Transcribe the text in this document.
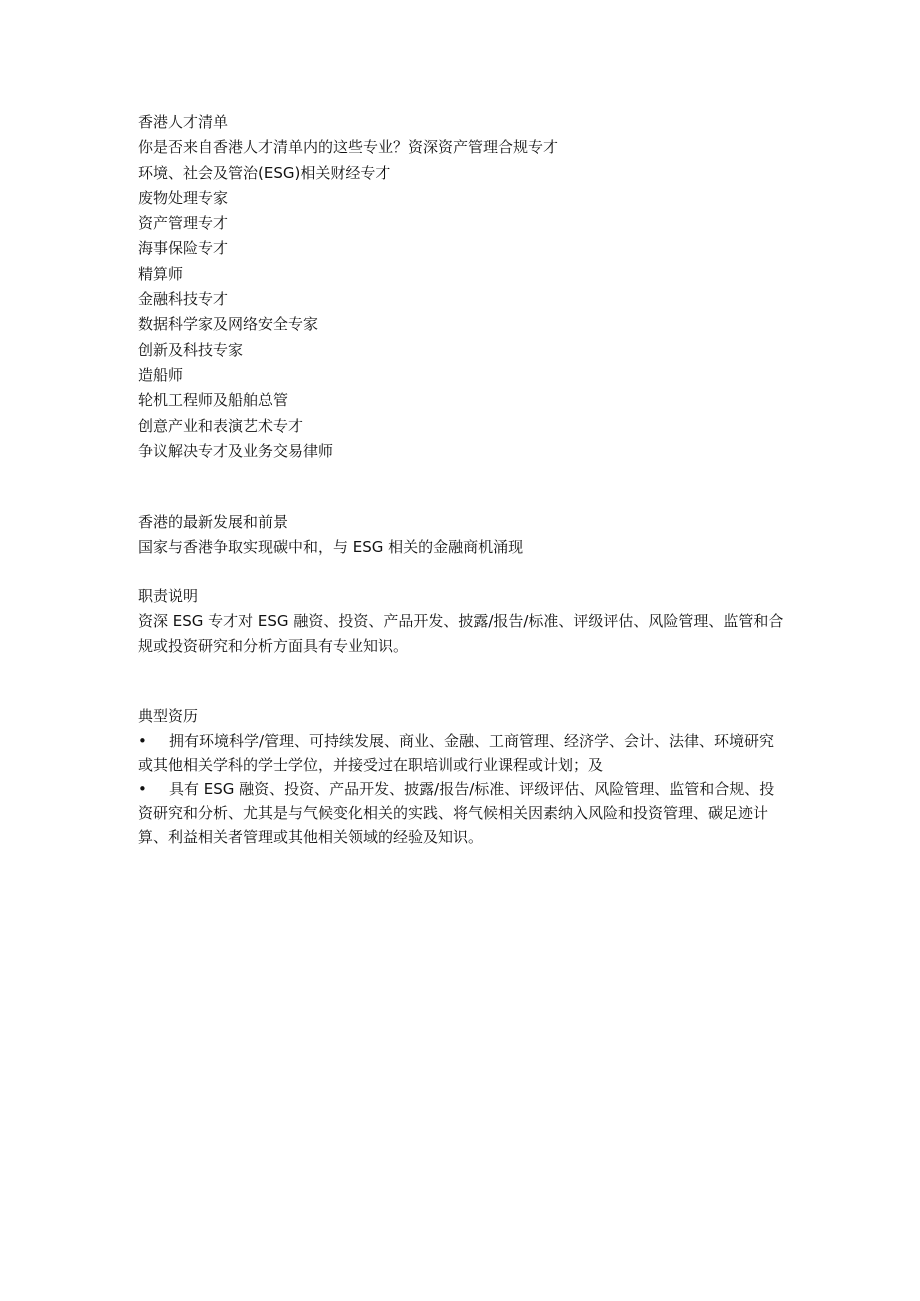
香港人才清单
你是否来自香港人才清单内的这些专业？资深资产管理合规专才
环境、社会及管治(ESG)相关财经专才
废物处理专家
资产管理专才
海事保险专才
精算师
金融科技专才
数据科学家及网络安全专家
创新及科技专家
造船师
轮机工程师及船舶总管
创意产业和表演艺术专才
争议解决专才及业务交易律师
香港的最新发展和前景
国家与香港争取实现碳中和，与 ESG 相关的金融商机涌现
职责说明
资深 ESG 专才对 ESG 融资、投资、产品开发、披露/报告/标准、评级评估、风险管理、监管和合规或投资研究和分析方面具有专业知识。
典型资历
• 拥有环境科学/管理、可持续发展、商业、金融、工商管理、经济学、会计、法律、环境研究或其他相关学科的学士学位，并接受过在职培训或行业课程或计划；及
• 具有 ESG 融资、投资、产品开发、披露/报告/标准、评级评估、风险管理、监管和合规、投资研究和分析、尤其是与气候变化相关的实践、将气候相关因素纳入风险和投资管理、碳足迹计算、利益相关者管理或其他相关领域的经验及知识。
